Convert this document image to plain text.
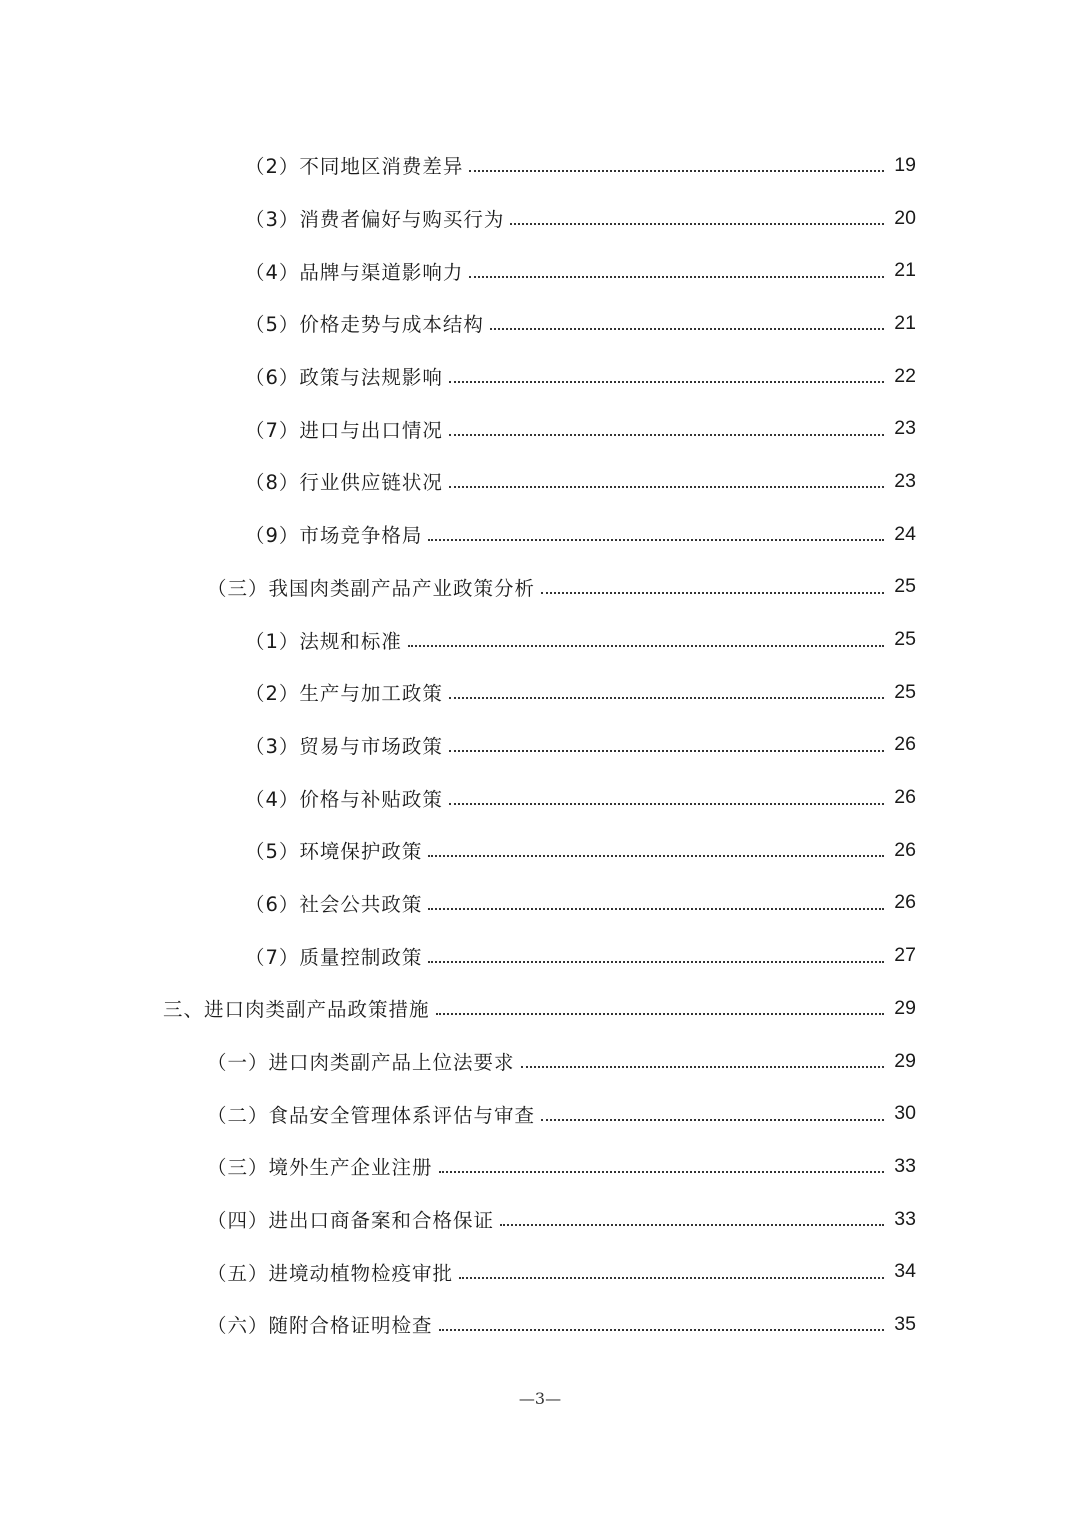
（2）不同地区消费差异	19
（3）消费者偏好与购买行为	20
（4）品牌与渠道影响力	21
（5）价格走势与成本结构	21
（6）政策与法规影响	22
（7）进口与出口情况	23
（8）行业供应链状况	23
（9）市场竞争格局	24
（三）我国肉类副产品产业政策分析	25
（1）法规和标准	25
（2）生产与加工政策	25
（3）贸易与市场政策	26
（4）价格与补贴政策	26
（5）环境保护政策	26
（6）社会公共政策	26
（7）质量控制政策	27
三、进口肉类副产品政策措施	29
（一）进口肉类副产品上位法要求	29
（二）食品安全管理体系评估与审查	30
（三）境外生产企业注册	33
（四）进出口商备案和合格保证	33
（五）进境动植物检疫审批	34
（六）随附合格证明检查	35
—3—
